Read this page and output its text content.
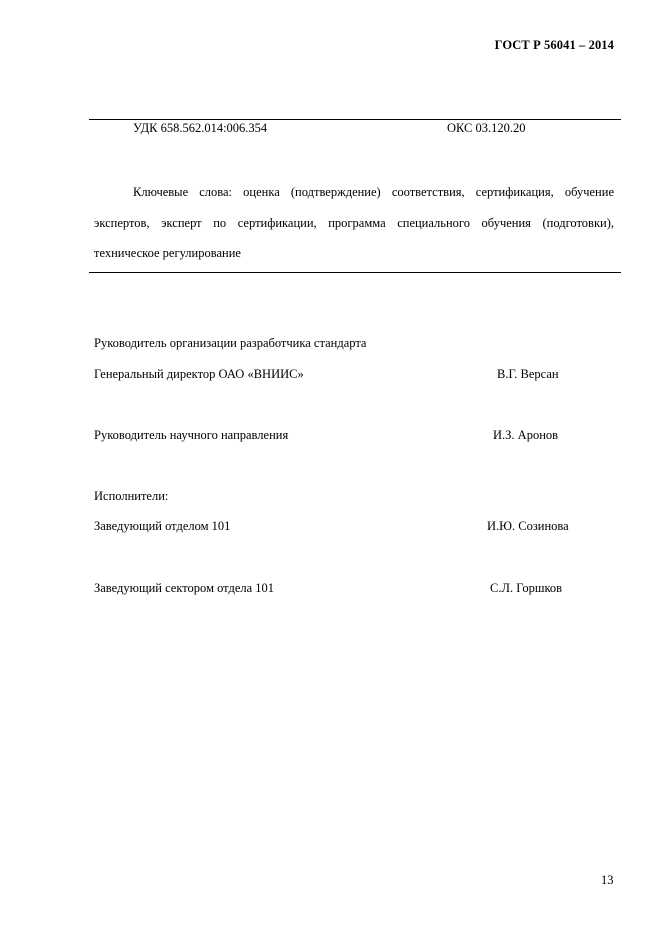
ГОСТ Р 56041 – 2014
УДК 658.562.014:006.354	ОКС 03.120.20
Ключевые слова: оценка (подтверждение) соответствия, сертификация, обучение экспертов, эксперт по сертификации, программа специального обучения (подготовки), техническое регулирование
Руководитель организации разработчика стандарта
Генеральный директор ОАО «ВНИИС»	В.Г. Версан
Руководитель научного направления	И.З. Аронов
Исполнители:
Заведующий отделом 101	И.Ю. Созинова
Заведующий сектором отдела 101	С.Л. Горшков
13
